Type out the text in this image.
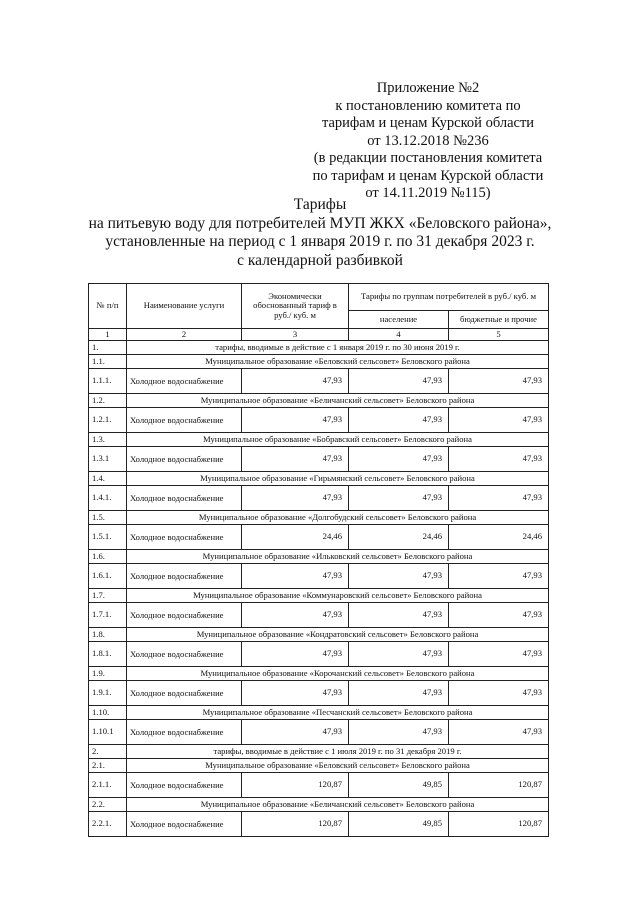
Приложение №2
к постановлению комитета по
тарифам и ценам Курской области
от 13.12.2018 №236
(в редакции постановления комитета
по тарифам и ценам Курской области
от 14.11.2019 №115)
Тарифы
на питьевую воду для потребителей МУП ЖКХ «Беловского района»,
установленные на период с 1 января 2019 г. по 31 декабря 2023 г.
с календарной разбивкой
№ п/п	Наименование услуги	Экономически обоснованный тариф в руб./ куб. м	Тарифы по группам потребителей в руб./ куб. м	
			население	бюджетные и прочие
1	2	3	4	5
1.	тарифы, вводимые в действие с 1 января 2019 г. по 30 июня 2019 г.			
1.1.	Муниципальное образование «Беловский сельсовет» Беловского района			
1.1.1.	Холодное водоснабжение	47,93	47,93	47,93
1.2.	Муниципальное образование «Беличанский сельсовет» Беловского района			
1.2.1.	Холодное водоснабжение	47,93	47,93	47,93
1.3.	Муниципальное образование «Бобравский сельсовет» Беловского района			
1.3.1	Холодное водоснабжение	47,93	47,93	47,93
1.4.	Муниципальное образование «Гирьмянский сельсовет» Беловского района			
1.4.1.	Холодное водоснабжение	47,93	47,93	47,93
1.5.	Муниципальное образование «Долгобудский сельсовет» Беловского района			
1.5.1.	Холодное водоснабжение	24,46	24,46	24,46
1.6.	Муниципальное образование «Ильковский сельсовет» Беловского района			
1.6.1.	Холодное водоснабжение	47,93	47,93	47,93
1.7.	Муниципальное образование «Коммунаровский сельсовет» Беловского района			
1.7.1.	Холодное водоснабжение	47,93	47,93	47,93
1.8.	Муниципальное образование «Кондратовский сельсовет» Беловского района			
1.8.1.	Холодное водоснабжение	47,93	47,93	47,93
1.9.	Муниципальное образование «Корочанский сельсовет» Беловского района			
1.9.1.	Холодное водоснабжение	47,93	47,93	47,93
1.10.	Муниципальное образование «Песчанский сельсовет» Беловского района			
1.10.1	Холодное водоснабжение	47,93	47,93	47,93
2.	тарифы, вводимые в действие с 1 июля 2019 г. по 31 декабря 2019 г.			
2.1.	Муниципальное образование «Беловский сельсовет» Беловского района			
2.1.1.	Холодное водоснабжение	120,87	49,85	120,87
2.2.	Муниципальное образование «Беличанский сельсовет» Беловского района			
2.2.1.	Холодное водоснабжение	120,87	49,85	120,87
